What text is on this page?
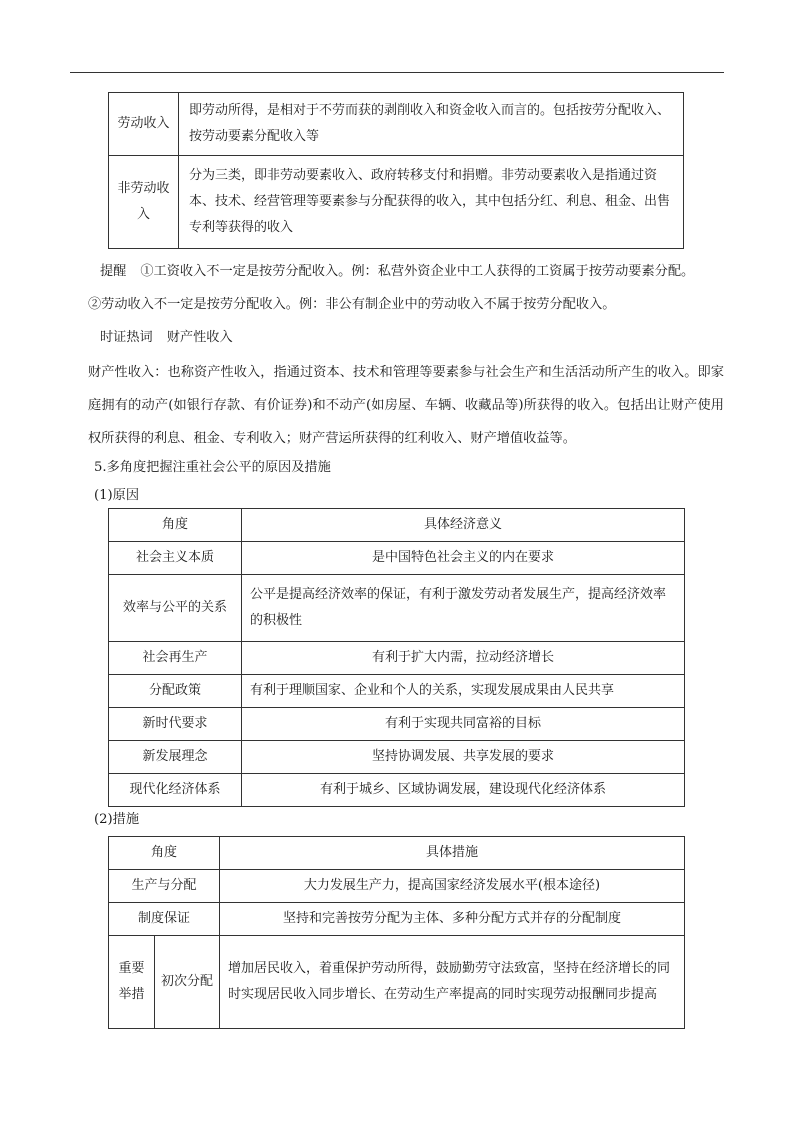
劳动收入	即劳动所得，是相对于不劳而获的剥削收入和资金收入而言的。包括按劳分配收入、按劳动要素分配收入等
非劳动收入	分为三类，即非劳动要素收入、政府转移支付和捐赠。非劳动要素收入是指通过资本、技术、经营管理等要素参与分配获得的收入，其中包括分红、利息、租金、出售专利等获得的收入

提醒 ①工资收入不一定是按劳分配收入。例：私营外资企业中工人获得的工资属于按劳动要素分配。

②劳动收入不一定是按劳分配收入。例：非公有制企业中的劳动收入不属于按劳分配收入。

时证热词 财产性收入

财产性收入：也称资产性收入，指通过资本、技术和管理等要素参与社会生产和生活活动所产生的收入。即家庭拥有的动产(如银行存款、有价证券)和不动产(如房屋、车辆、收藏品等)所获得的收入。包括出让财产使用权所获得的利息、租金、专利收入；财产营运所获得的红利收入、财产增值收益等。

5.多角度把握注重社会公平的原因及措施

(1)原因

角度	具体经济意义
社会主义本质	是中国特色社会主义的内在要求
效率与公平的关系	公平是提高经济效率的保证，有利于激发劳动者发展生产，提高经济效率的积极性
社会再生产	有利于扩大内需，拉动经济增长
分配政策	有利于理顺国家、企业和个人的关系，实现发展成果由人民共享
新时代要求	有利于实现共同富裕的目标
新发展理念	坚持协调发展、共享发展的要求
现代化经济体系	有利于城乡、区域协调发展，建设现代化经济体系

(2)措施

角度		具体措施
生产与分配		大力发展生产力，提高国家经济发展水平(根本途径)
制度保证		坚持和完善按劳分配为主体、多种分配方式并存的分配制度
重要举措	初次分配	增加居民收入，着重保护劳动所得，鼓励勤劳守法致富，坚持在经济增长的同时实现居民收入同步增长、在劳动生产率提高的同时实现劳动报酬同步提高
